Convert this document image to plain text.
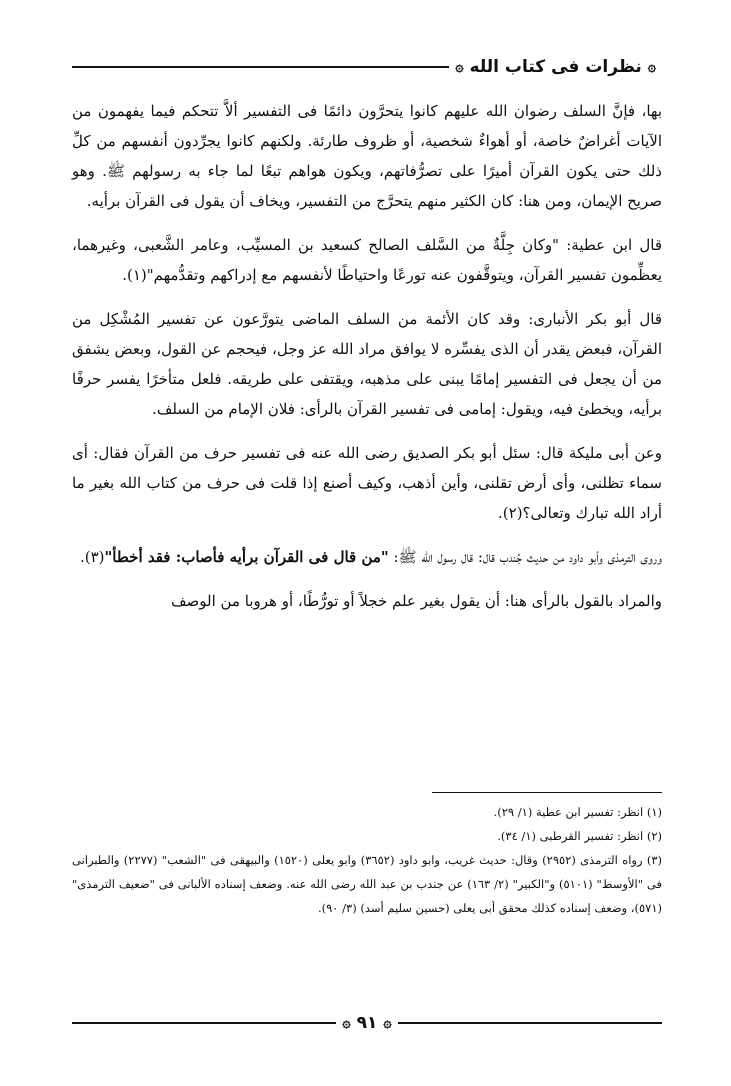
۞
نظرات فى كتاب الله
۞

بها، فإنَّ السلف رضوان الله عليهم كانوا يتحرَّون دائمًا فى التفسير ألاَّ تتحكم فيما يفهمون من الآيات أغراضٌ خاصة، أو أهواءٌ شخصية، أو ظروف طارئة. ولكنهم كانوا يجرِّدون أنفسهم من كلِّ ذلك حتى يكون القرآن أميرًا على تصرُّفاتهم، ويكون هواهم تبعًا لما جاء به رسولهم ﷺ. وهو صريح الإيمان، ومن هنا: كان الكثير منهم يتحرَّج من التفسير، ويخاف أن يقول فى القرآن برأيه.

قال ابن عطية: "وكان جِلَّةٌ من السَّلف الصالح كسعيد بن المسيِّب، وعامر الشَّعبى، وغيرهما، يعظِّمون تفسير القرآن، ويتوقَّفون عنه تورعًا واحتياطًا لأنفسهم مع إدراكهم وتقدُّمهم"(١).

قال أبو بكر الأنبارى: وقد كان الأئمة من السلف الماضى يتورَّعون عن تفسير المُشْكِل من القرآن، فبعض يقدر أن الذى يفسِّره لا يوافق مراد الله عز وجل، فيحجم عن القول، وبعض يشفق من أن يجعل فى التفسير إمامًا يبنى على مذهبه، ويقتفى على طريقه. فلعل متأخرًا يفسر حرفًا برأيه، ويخطئ فيه، ويقول: إمامى فى تفسير القرآن بالرأى: فلان الإمام من السلف.

وعن أبى مليكة قال: سئل أبو بكر الصديق رضى الله عنه فى تفسير حرف من القرآن فقال: أى سماء تظلنى، وأى أرض تقلنى، وأين أذهب، وكيف أصنع إذا قلت فى حرف من كتاب الله بغير ما أراد الله تبارك وتعالى؟(٢).

وروى الترمذى وأبو داود من حديث جُندب قال: قال رسول الله ﷺ: "من قال فى القرآن برأيه فأصاب: فقد أخطأ"(٣).

والمراد بالقول بالرأى هنا: أن يقول بغير علم خجلاً أو تورُّطًا، أو هروبا من الوصف

(١) انظر: تفسير ابن عطية (١/ ٢٩).

(٢) انظر: تفسير القرطبى (١/ ٣٤).

(٣) رواه الترمذى (٢٩٥٢) وقال: حديث غريب، وابو داود (٣٦٥٢) وابو يعلى (١٥٢٠) والبيهقى فى "الشعب" (٢٢٧٧) والطبرانى فى "الأوسط" (٥١٠١) و"الكبير" (٢/ ١٦٣) عن جندب بن عبد الله رضى الله عنه. وضعف إسناده الألبانى فى "ضعيف الترمذى" (٥٧١)، وضعف إسناده كذلك محقق أبى يعلى (حسين سليم أسد) (٣/ ٩٠).

۞
٩١
۞
